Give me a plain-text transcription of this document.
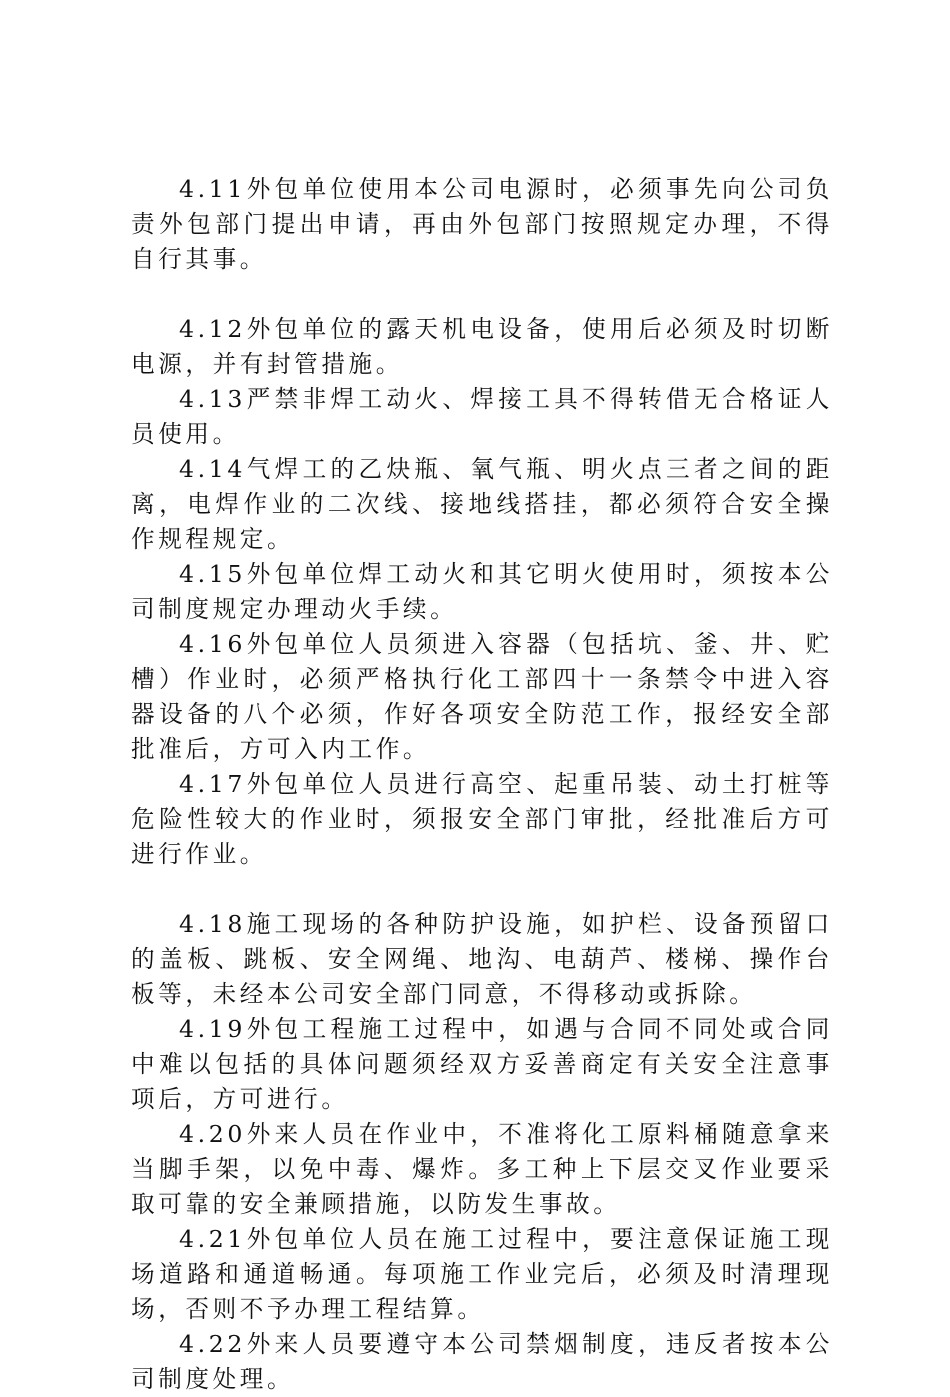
4.11外包单位使用本公司电源时，必须事先向公司负责外包部门提出申请，再由外包部门按照规定办理，不得自行其事。

4.12外包单位的露天机电设备，使用后必须及时切断电源，并有封管措施。

4.13严禁非焊工动火、焊接工具不得转借无合格证人员使用。

4.14气焊工的乙炔瓶、氧气瓶、明火点三者之间的距离，电焊作业的二次线、接地线搭挂，都必须符合安全操作规程规定。

4.15外包单位焊工动火和其它明火使用时，须按本公司制度规定办理动火手续。

4.16外包单位人员须进入容器（包括坑、釜、井、贮槽）作业时，必须严格执行化工部四十一条禁令中进入容器设备的八个必须，作好各项安全防范工作，报经安全部批准后，方可入内工作。

4.17外包单位人员进行高空、起重吊装、动土打桩等危险性较大的作业时，须报安全部门审批，经批准后方可进行作业。

4.18施工现场的各种防护设施，如护栏、设备预留口的盖板、跳板、安全网绳、地沟、电葫芦、楼梯、操作台板等，未经本公司安全部门同意，不得移动或拆除。

4.19外包工程施工过程中，如遇与合同不同处或合同中难以包括的具体问题须经双方妥善商定有关安全注意事项后，方可进行。

4.20外来人员在作业中，不准将化工原料桶随意拿来当脚手架，以免中毒、爆炸。多工种上下层交叉作业要采取可靠的安全兼顾措施，以防发生事故。

4.21外包单位人员在施工过程中，要注意保证施工现场道路和通道畅通。每项施工作业完后，必须及时清理现场，否则不予办理工程结算。

4.22外来人员要遵守本公司禁烟制度，违反者按本公司制度处理。
